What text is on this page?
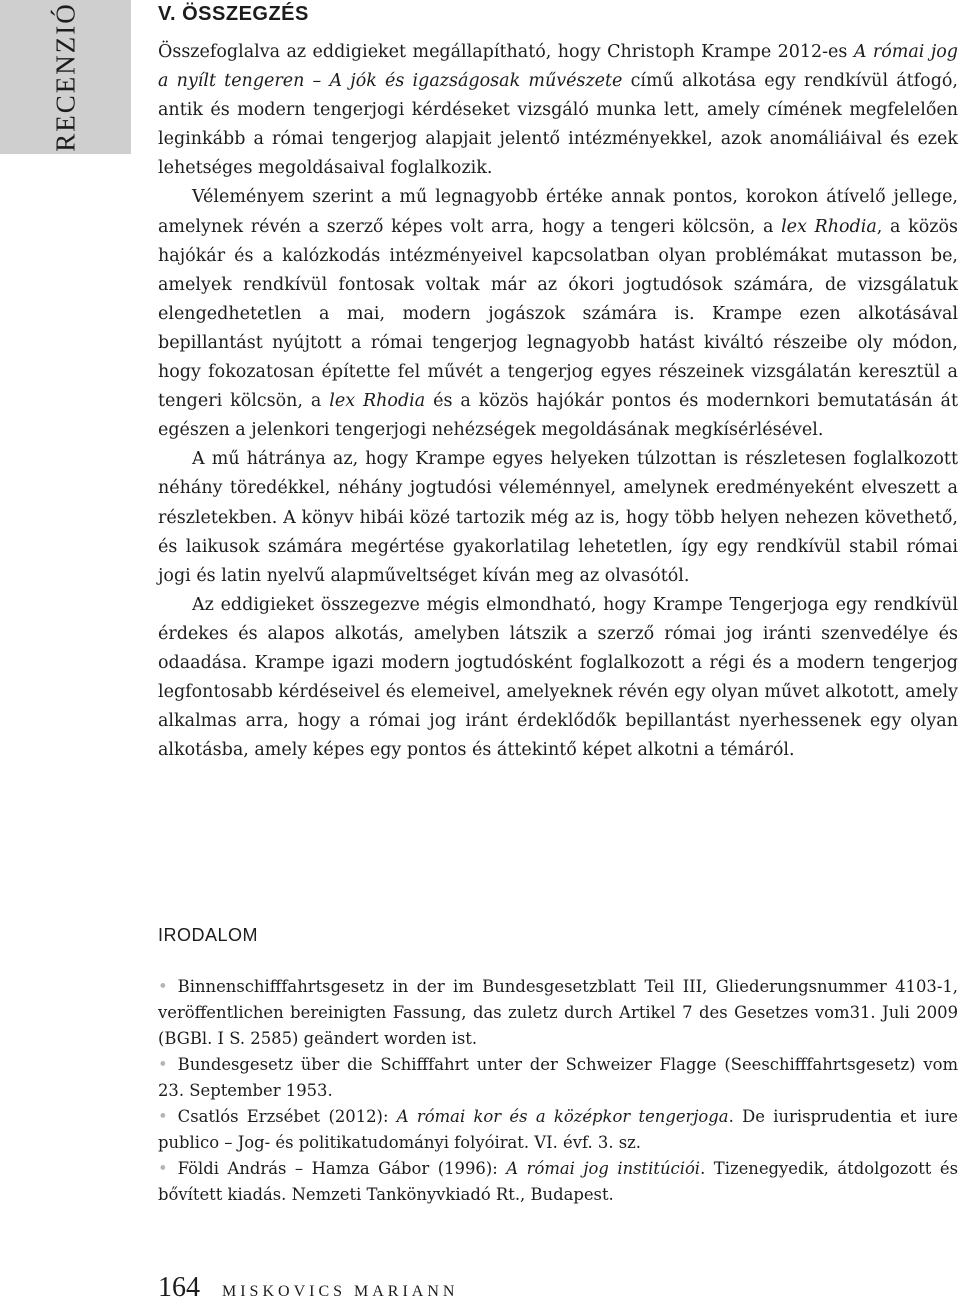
RECENZIÓ	V. ÖSSZEGZÉS

Összefoglalva az eddigieket megállapítható, hogy Christoph Krampe 2012-es A római jog a nyílt tengeren – A jók és igazságosak művészete című alkotása egy rendkívül átfogó, antik és modern tengerjogi kérdéseket vizsgáló munka lett, amely címének megfelelően leginkább a római tengerjog alapjait jelentő intézményekkel, azok anomáliáival és ezek lehetséges megoldásaival foglalkozik.

Véleményem szerint a mű legnagyobb értéke annak pontos, korokon átívelő jellege, amelynek révén a szerző képes volt arra, hogy a tengeri kölcsön, a lex Rhodia, a közös hajókár és a kalózkodás intézményeivel kapcsolatban olyan problémákat mutasson be, amelyek rendkívül fontosak voltak már az ókori jogtudósok számára, de vizsgálatuk elengedhetetlen a mai, modern jogászok számára is. Krampe ezen alkotásával bepillantást nyújtott a római tengerjog legnagyobb hatást kiváltó részeibe oly módon, hogy fokozatosan építette fel művét a tengerjog egyes részeinek vizsgálatán keresztül a tengeri kölcsön, a lex Rhodia és a közös hajókár pontos és modernkori bemutatásán át egészen a jelenkori tengerjogi nehézségek megoldásának megkísérlésével.

A mű hátránya az, hogy Krampe egyes helyeken túlzottan is részletesen foglalkozott néhány töredékkel, néhány jogtudósi véleménnyel, amelynek eredményeként elveszett a részletekben. A könyv hibái közé tartozik még az is, hogy több helyen nehezen követhető, és laikusok számára megértése gyakorlatilag lehetetlen, így egy rendkívül stabil római jogi és latin nyelvű alapműveltséget kíván meg az olvasótól.

Az eddigieket összegezve mégis elmondható, hogy Krampe Tengerjoga egy rendkívül érdekes és alapos alkotás, amelyben látszik a szerző római jog iránti szenvedélye és odaadása. Krampe igazi modern jogtudósként foglalkozott a régi és a modern tengerjog legfontosabb kérdéseivel és elemeivel, amelyeknek révén egy olyan művet alkotott, amely alkalmas arra, hogy a római jog iránt érdeklődők bepillantást nyerhessenek egy olyan alkotásba, amely képes egy pontos és áttekintő képet alkotni a témáról.

IRODALOM

• Binnenschifffahrtsgesetz in der im Bundesgesetzblatt Teil III, Gliederungsnummer 4103-1, veröffentlichen bereinigten Fassung, das zuletz durch Artikel 7 des Gesetzes vom31. Juli 2009 (BGBl. I S. 2585) geändert worden ist.

• Bundesgesetz über die Schifffahrt unter der Schweizer Flagge (Seeschifffahrtsgesetz) vom 23. September 1953.

• Csatlós Erzsébet (2012): A római kor és a középkor tengerjoga. De iurisprudentia et iure publico – Jog- és politikatudományi folyóirat. VI. évf. 3. sz.

• Földi András – Hamza Gábor (1996): A római jog institúciói. Tizenegyedik, átdolgozott és bővített kiadás. Nemzeti Tankönyvkiadó Rt., Budapest.

164 MISKOVICS MARIANN
